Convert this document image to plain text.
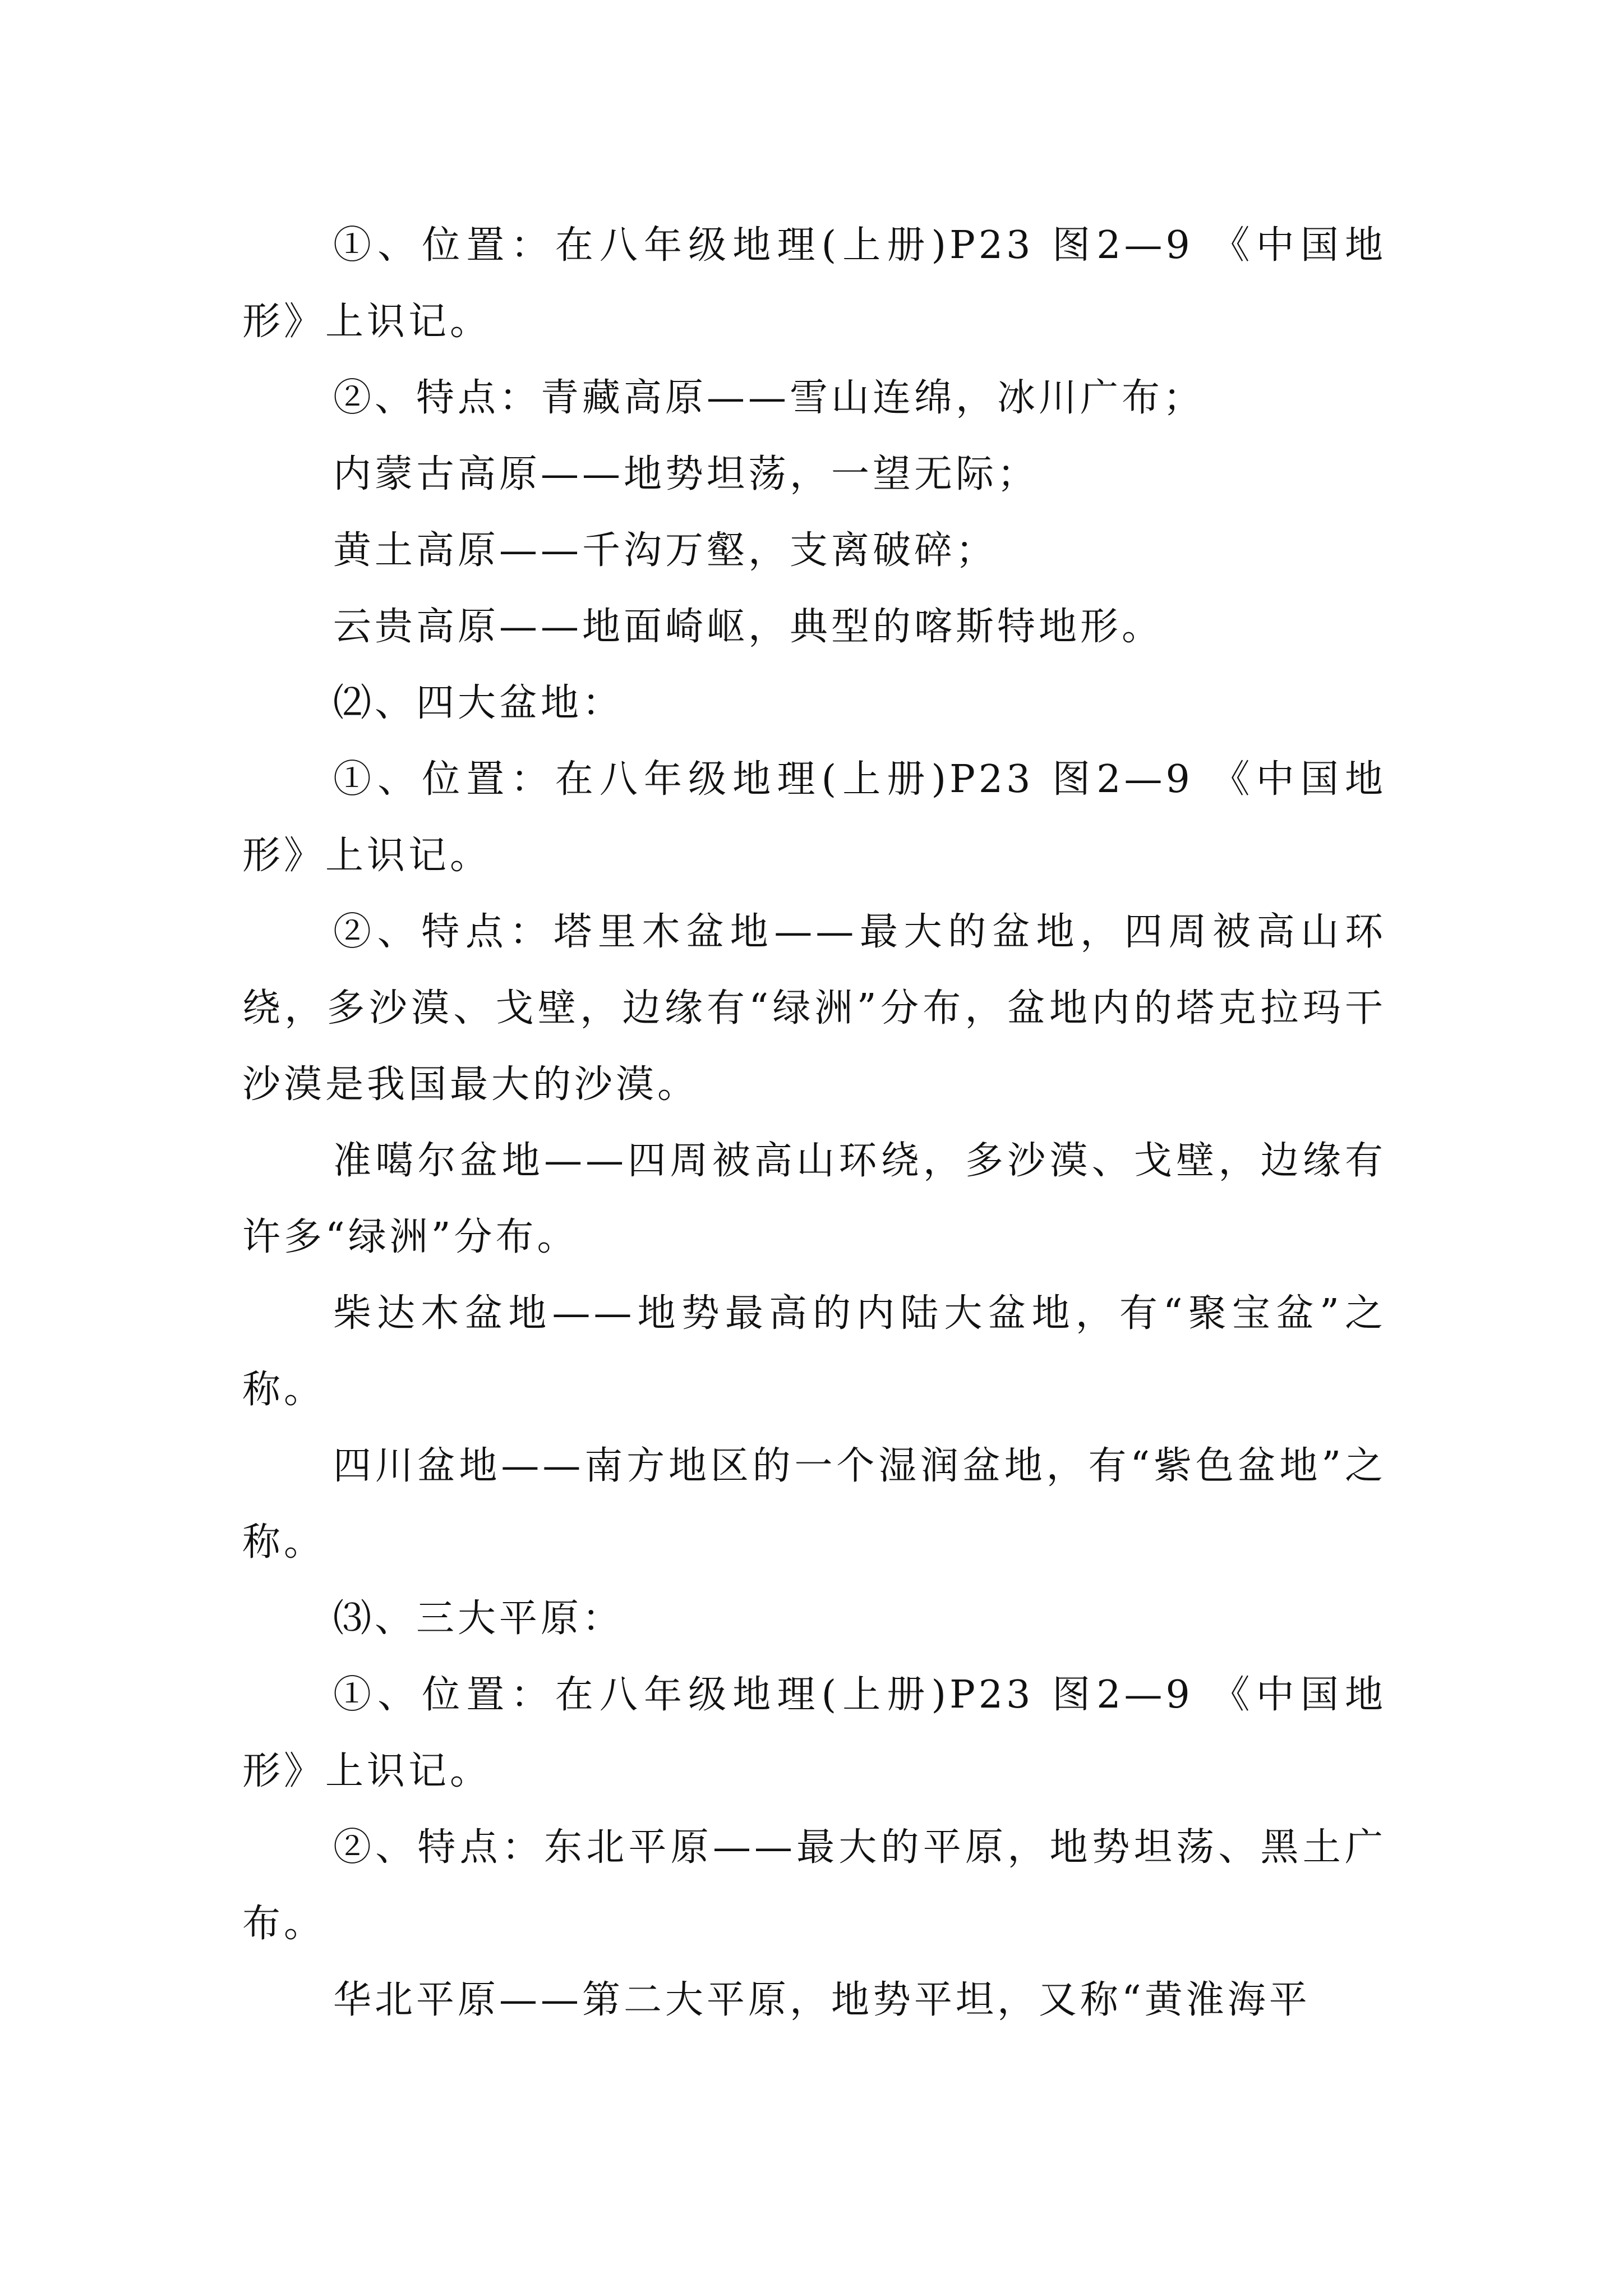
①、位置：在八年级地理(上册)P23 图2—9 《中国地形》上识记。

②、特点：青藏高原——雪山连绵，冰川广布；

内蒙古高原——地势坦荡，一望无际；

黄土高原——千沟万壑，支离破碎；

云贵高原——地面崎岖，典型的喀斯特地形。

⑵、四大盆地：

①、位置：在八年级地理(上册)P23 图2—9 《中国地形》上识记。

②、特点：塔里木盆地——最大的盆地，四周被高山环绕，多沙漠、戈壁，边缘有“绿洲”分布，盆地内的塔克拉玛干沙漠是我国最大的沙漠。

准噶尔盆地——四周被高山环绕，多沙漠、戈壁，边缘有许多“绿洲”分布。

柴达木盆地——地势最高的内陆大盆地，有“聚宝盆”之称。

四川盆地——南方地区的一个湿润盆地，有“紫色盆地”之称。

⑶、三大平原：

①、位置：在八年级地理(上册)P23 图2—9 《中国地形》上识记。

②、特点：东北平原——最大的平原，地势坦荡、黑土广布。

华北平原——第二大平原，地势平坦，又称“黄淮海平
